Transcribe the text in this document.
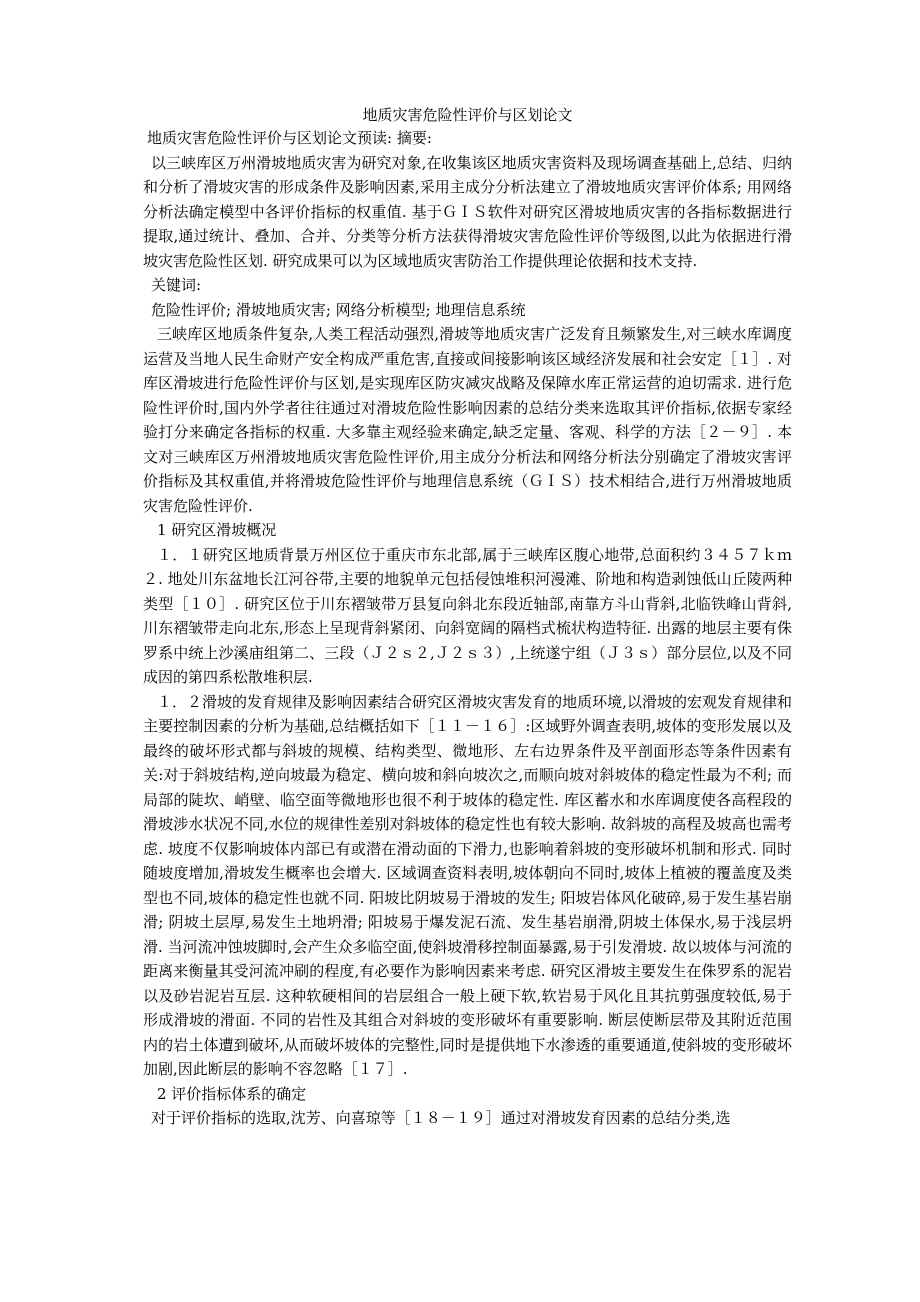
地质灾害危险性评价与区划论文

地质灾害危险性评价与区划论文预读: 摘要:

以三峡库区万州滑坡地质灾害为研究对象,在收集该区地质灾害资料及现场调查基础上,总结、归纳和分析了滑坡灾害的形成条件及影响因素,采用主成分分析法建立了滑坡地质灾害评价体系; 用网络分析法确定模型中各评价指标的权重值. 基于ＧＩＳ软件对研究区滑坡地质灾害的各指标数据进行提取,通过统计、叠加、合并、分类等分析方法获得滑坡灾害危险性评价等级图,以此为依据进行滑坡灾害危险性区划. 研究成果可以为区域地质灾害防治工作提供理论依据和技术支持.

关键词:

危险性评价; 滑坡地质灾害; 网络分析模型; 地理信息系统

三峡库区地质条件复杂,人类工程活动强烈,滑坡等地质灾害广泛发育且频繁发生,对三峡水库调度运营及当地人民生命财产安全构成严重危害,直接或间接影响该区域经济发展和社会安定［１］. 对库区滑坡进行危险性评价与区划,是实现库区防灾减灾战略及保障水库正常运营的迫切需求. 进行危险性评价时,国内外学者往往通过对滑坡危险性影响因素的总结分类来选取其评价指标,依据专家经验打分来确定各指标的权重. 大多靠主观经验来确定,缺乏定量、客观、科学的方法［２－９］. 本文对三峡库区万州滑坡地质灾害危险性评价,用主成分分析法和网络分析法分别确定了滑坡灾害评价指标及其权重值,并将滑坡危险性评价与地理信息系统（ＧＩＳ）技术相结合,进行万州滑坡地质灾害危险性评价.

1 研究区滑坡概况

１．１研究区地质背景万州区位于重庆市东北部,属于三峡库区腹心地带,总面积约３４５７ｋｍ２. 地处川东盆地长江河谷带,主要的地貌单元包括侵蚀堆积河漫滩、阶地和构造剥蚀低山丘陵两种类型［１０］. 研究区位于川东褶皱带万县复向斜北东段近轴部,南靠方斗山背斜,北临铁峰山背斜,川东褶皱带走向北东,形态上呈现背斜紧闭、向斜宽阔的隔档式梳状构造特征. 出露的地层主要有侏罗系中统上沙溪庙组第二、三段（Ｊ２ｓ２,Ｊ２ｓ３）,上统遂宁组（Ｊ３ｓ）部分层位,以及不同成因的第四系松散堆积层.

１．２滑坡的发育规律及影响因素结合研究区滑坡灾害发育的地质环境,以滑坡的宏观发育规律和主要控制因素的分析为基础,总结概括如下［１１－１６］:区域野外调查表明,坡体的变形发展以及最终的破坏形式都与斜坡的规模、结构类型、微地形、左右边界条件及平剖面形态等条件因素有关:对于斜坡结构,逆向坡最为稳定、横向坡和斜向坡次之,而顺向坡对斜坡体的稳定性最为不利; 而局部的陡坎、峭壁、临空面等微地形也很不利于坡体的稳定性. 库区蓄水和水库调度使各高程段的滑坡涉水状况不同,水位的规律性差别对斜坡体的稳定性也有较大影响. 故斜坡的高程及坡高也需考虑. 坡度不仅影响坡体内部已有或潜在滑动面的下滑力,也影响着斜坡的变形破坏机制和形式. 同时随坡度增加,滑坡发生概率也会增大. 区域调查资料表明,坡体朝向不同时,坡体上植被的覆盖度及类型也不同,坡体的稳定性也就不同. 阳坡比阴坡易于滑坡的发生; 阳坡岩体风化破碎,易于发生基岩崩滑; 阴坡土层厚,易发生土地坍滑; 阳坡易于爆发泥石流、发生基岩崩滑,阴坡土体保水,易于浅层坍滑. 当河流冲蚀坡脚时,会产生众多临空面,使斜坡滑移控制面暴露,易于引发滑坡. 故以坡体与河流的距离来衡量其受河流冲刷的程度,有必要作为影响因素来考虑. 研究区滑坡主要发生在侏罗系的泥岩以及砂岩泥岩互层. 这种软硬相间的岩层组合一般上硬下软,软岩易于风化且其抗剪强度较低,易于形成滑坡的滑面. 不同的岩性及其组合对斜坡的变形破坏有重要影响. 断层使断层带及其附近范围内的岩土体遭到破坏,从而破坏坡体的完整性,同时是提供地下水渗透的重要通道,使斜坡的变形破坏加剧,因此断层的影响不容忽略［１７］.

2 评价指标体系的确定

对于评价指标的选取,沈芳、向喜琼等［１８－１９］通过对滑坡发育因素的总结分类,选
